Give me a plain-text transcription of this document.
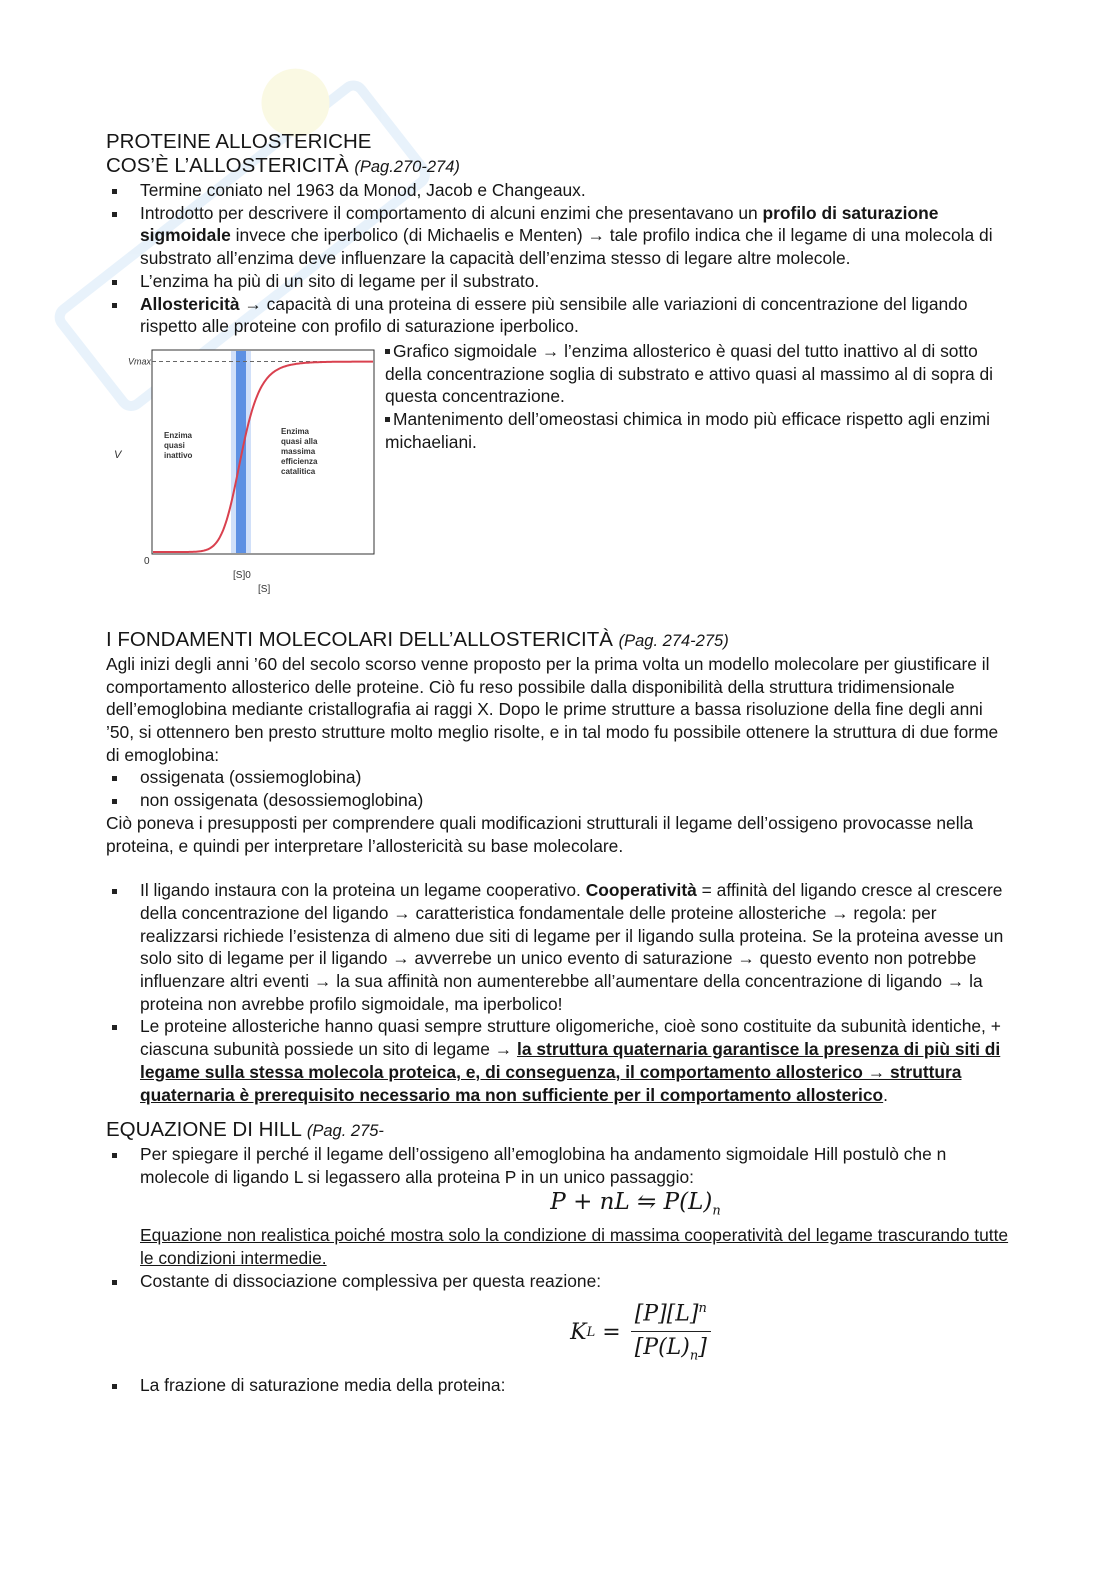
PROTEINE ALLOSTERICHE
COS’È L’ALLOSTERICITÀ (Pag.270-274)
Termine coniato nel 1963 da Monod, Jacob e Changeaux.
Introdotto per descrivere il comportamento di alcuni enzimi che presentavano un profilo di saturazione sigmoidale invece che iperbolico (di Michaelis e Menten) → tale profilo indica che il legame di una molecola di substrato all’enzima deve influenzare la capacità dell’enzima stesso di legare altre molecole.
L’enzima ha più di un sito di legame per il substrato.
Allostericità → capacità di una proteina di essere più sensibile alle variazioni di concentrazione del ligando rispetto alle proteine con profilo di saturazione iperbolico.
Vmax
V
0
[S]0
[S]
Enzima
quasi
inattivo
Enzima
quasi alla
massima
efficienza
catalitica

Grafico sigmoidale → l’enzima allosterico è quasi del tutto inattivo al di sotto della concentrazione soglia di substrato e attivo quasi al massimo al di sopra di questa concentrazione.

Mantenimento dell’omeostasi chimica in modo più efficace rispetto agli enzimi michaeliani.

I FONDAMENTI MOLECOLARI DELL’ALLOSTERICITÀ (Pag. 274-275)

Agli inizi degli anni ’60 del secolo scorso venne proposto per la prima volta un modello molecolare per giustificare il comportamento allosterico delle proteine. Ciò fu reso possibile dalla disponibilità della struttura tridimensionale dell’emoglobina mediante cristallografia ai raggi X. Dopo le prime strutture a bassa risoluzione della fine degli anni ’50, si ottennero ben presto strutture molto meglio risolte, e in tal modo fu possibile ottenere la struttura di due forme di emoglobina:

ossigenata (ossiemoglobina)
non ossigenata (desossiemoglobina)

Ciò poneva i presupposti per comprendere quali modificazioni strutturali il legame dell’ossigeno provocasse nella proteina, e quindi per interpretare l’allostericità su base molecolare.

Il ligando instaura con la proteina un legame cooperativo. Cooperatività = affinità del ligando cresce al crescere della concentrazione del ligando → caratteristica fondamentale delle proteine allosteriche → regola: per realizzarsi richiede l’esistenza di almeno due siti di legame per il ligando sulla proteina. Se la proteina avesse un solo sito di legame per il ligando → avverrebe un unico evento di saturazione → questo evento non potrebbe influenzare altri eventi → la sua affinità non aumenterebbe all’aumentare della concentrazione di ligando → la proteina non avrebbe profilo sigmoidale, ma iperbolico!
Le proteine allosteriche hanno quasi sempre strutture oligomeriche, cioè sono costituite da subunità identiche, + ciascuna subunità possiede un sito di legame → la struttura quaternaria garantisce la presenza di più siti di legame sulla stessa molecola proteica, e, di conseguenza, il comportamento allosterico → struttura quaternaria è prerequisito necessario ma non sufficiente per il comportamento allosterico.
EQUAZIONE DI HILL (Pag. 275-
Per spiegare il perché il legame dell’ossigeno all’emoglobina ha andamento sigmoidale Hill postulò che n molecole di ligando L si legassero alla proteina P in un unico passaggio:
P + nL ⇋ $P(L)_n$
Equazione non realistica poiché mostra solo la condizione di massima cooperatività del legame trascurando tutte le condizioni intermedie.
Costante di dissociazione complessiva per questa reazione:
K $L = \frac{[P][L]^n}{[P(L)_n]}$
La frazione di saturazione media della proteina:
